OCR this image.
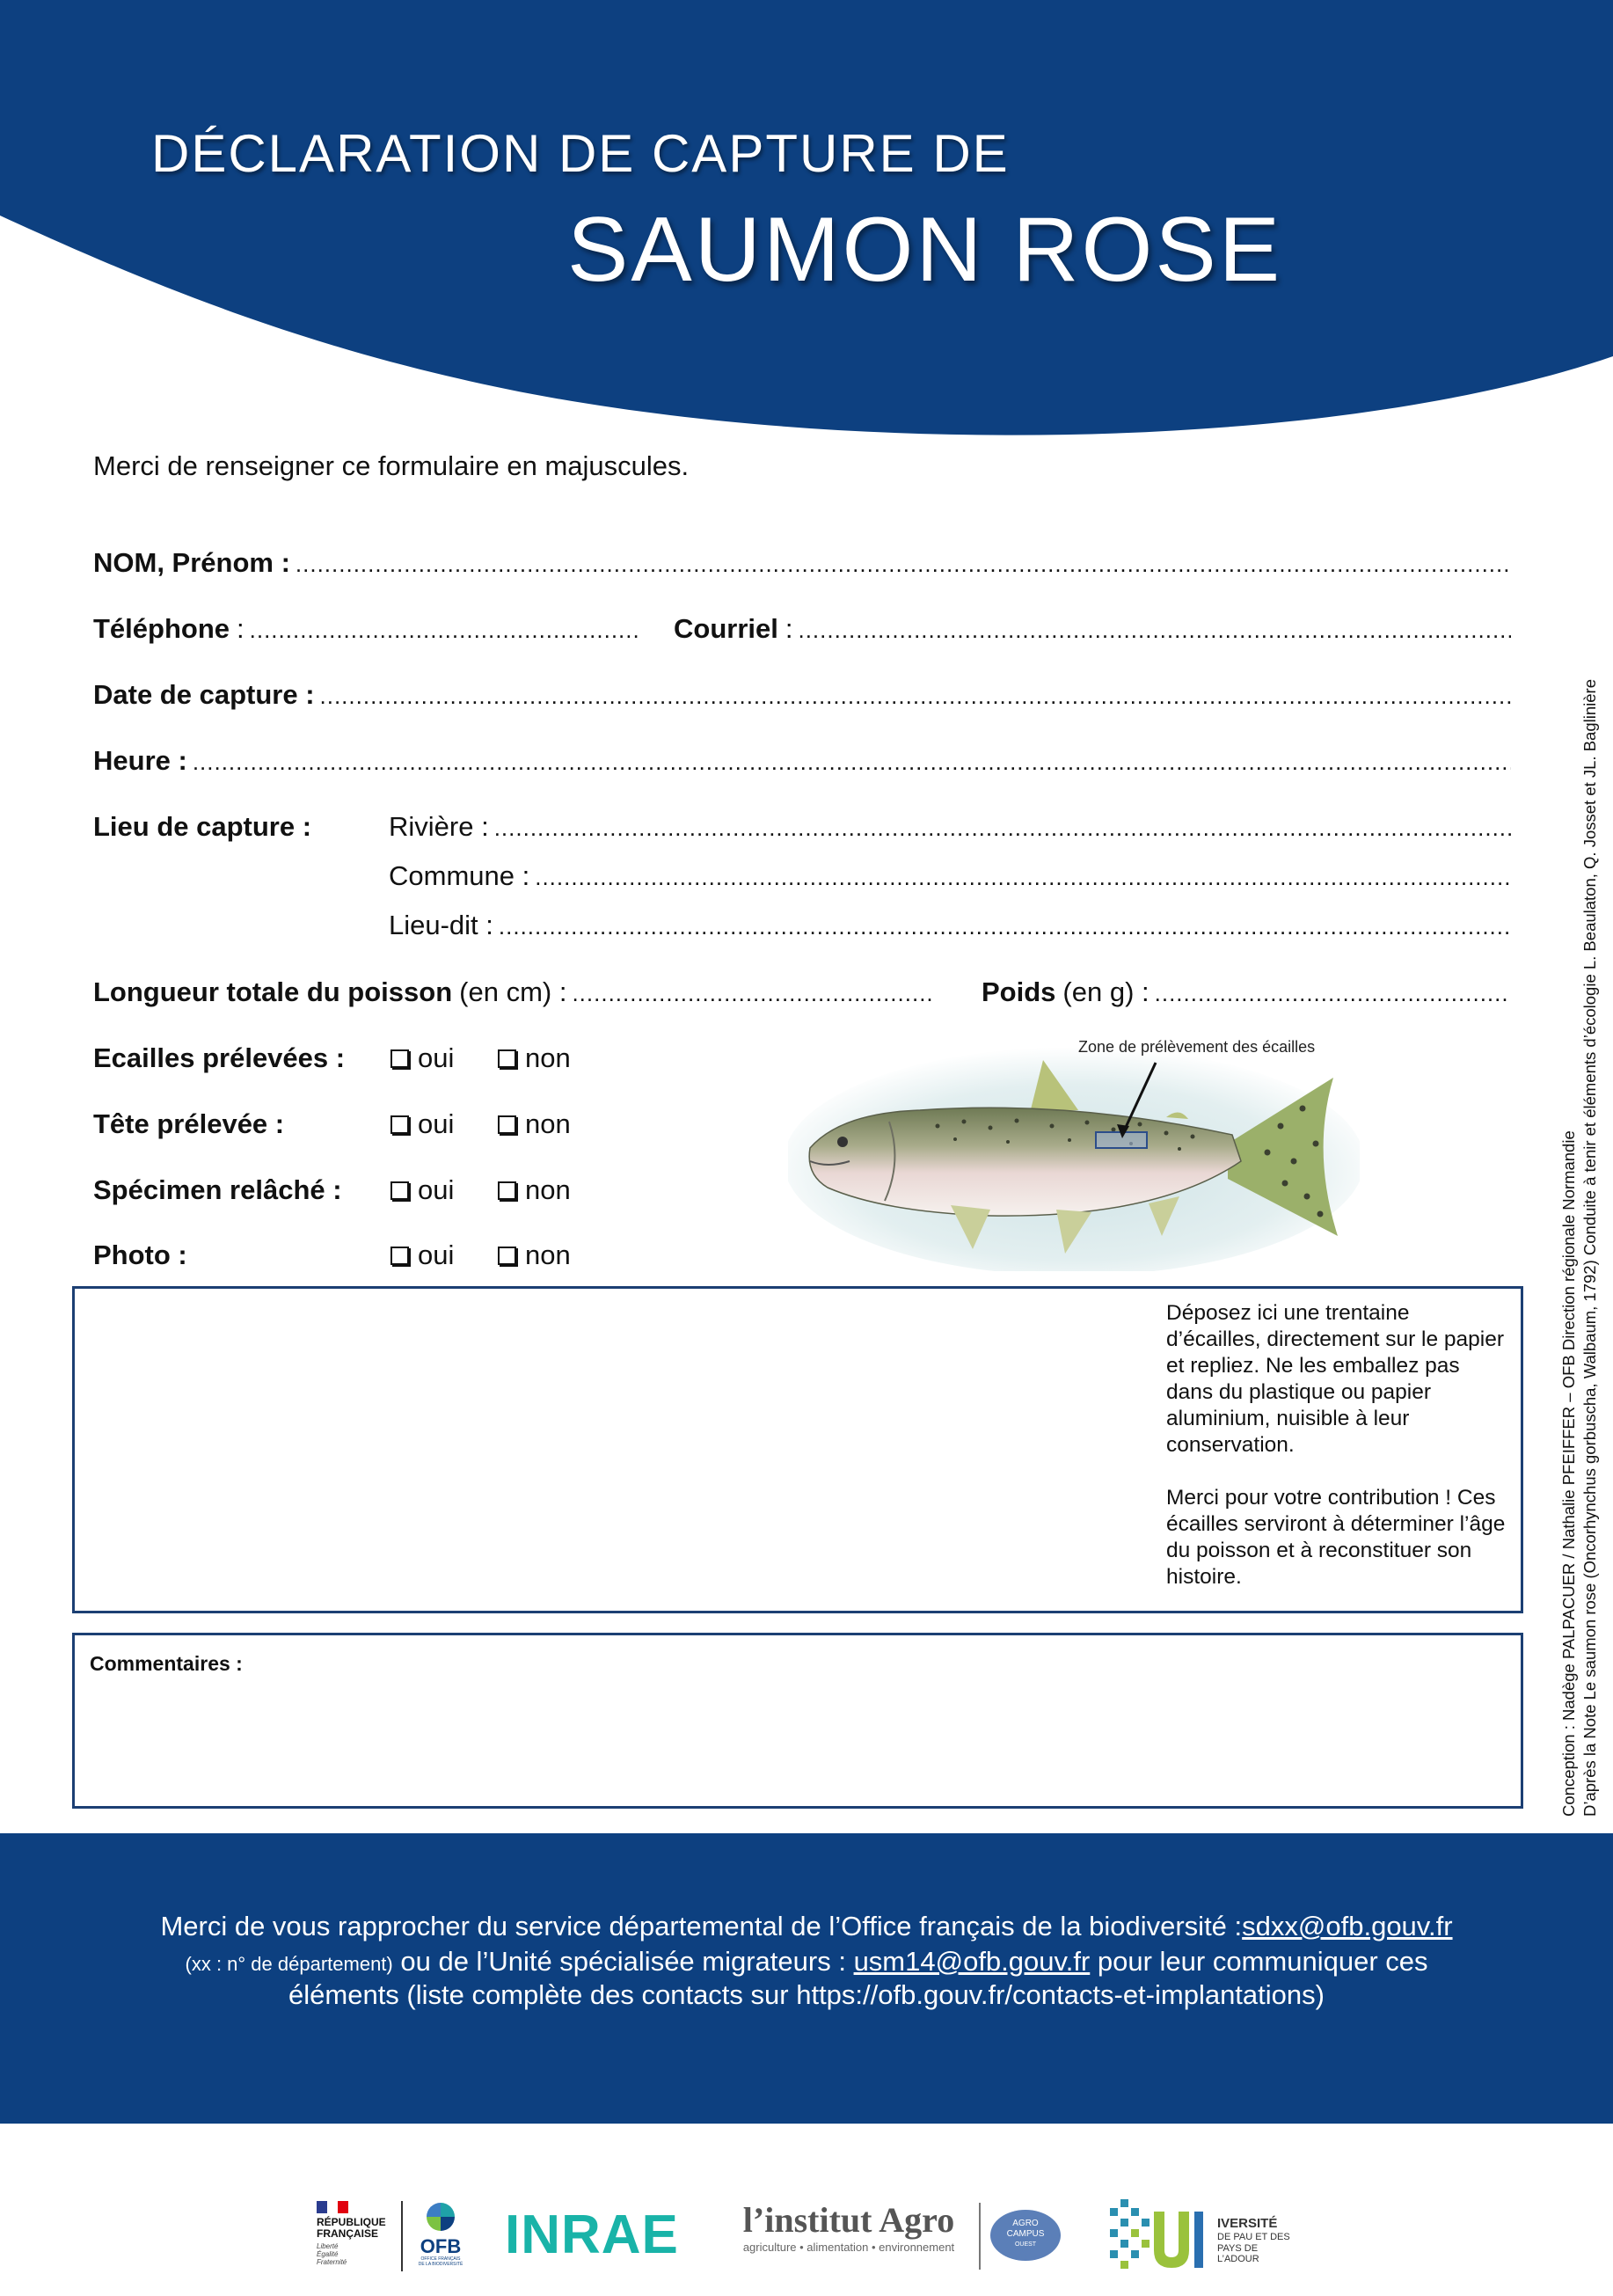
DÉCLARATION DE CAPTURE DE
SAUMON ROSE
Merci de renseigner ce formulaire en majuscules.
NOM, Prénom :
.....
Téléphone : .....	Courriel :
.....
Date de capture :
.....
Heure :
.....
Lieu de capture :	Rivière :
.....
Commune :
.....
Lieu-dit :
.....
Longueur totale du poisson (en cm) : .....	Poids (en g) :
.....
Ecailles prélevées :	oui	non
Tête prélevée :	oui	non
Spécimen relâché :	oui	non
Photo :	oui	non
Zone de prélèvement des écailles

Déposez ici une trentaine d’écailles, directement sur le papier et repliez. Ne les emballez pas dans du plastique ou papier aluminium, nuisible à leur conservation.

Merci pour votre contribution ! Ces écailles serviront à déterminer l’âge du poisson et à reconstituer son histoire.

Commentaires :	Conception : Nadège PALPACUER / Nathalie PFEIFFER – OFB Direction régionale Normandie D’après la Note Le saumon rose (Oncorhynchus gorbuscha, Walbaum, 1792) Conduite à tenir et éléments d’écologie L. Beaulaton, Q. Josset et JL. Baglinière
Merci de vous rapprocher du service départemental de l’Office français de la biodiversité :sdxx@ofb.gouv.fr
(xx : n° de département) ou de l’Unité spécialisée migrateurs : usm14@ofb.gouv.fr pour leur communiquer ces
éléments (liste complète des contacts sur https://ofb.gouv.fr/contacts-et-implantations)
RÉPUBLIQUE
FRANÇAISE
Liberté
Égalité
Fraternité
OFB
OFFICE FRANÇAIS
DE LA BIODIVERSITÉ INRAE	l’institut Agro
agriculture • alimentation • environnement
AGRO
CAMPUS
OUEST
IVERSITÉ
DE PAU ET DES
PAYS DE L’ADOUR
